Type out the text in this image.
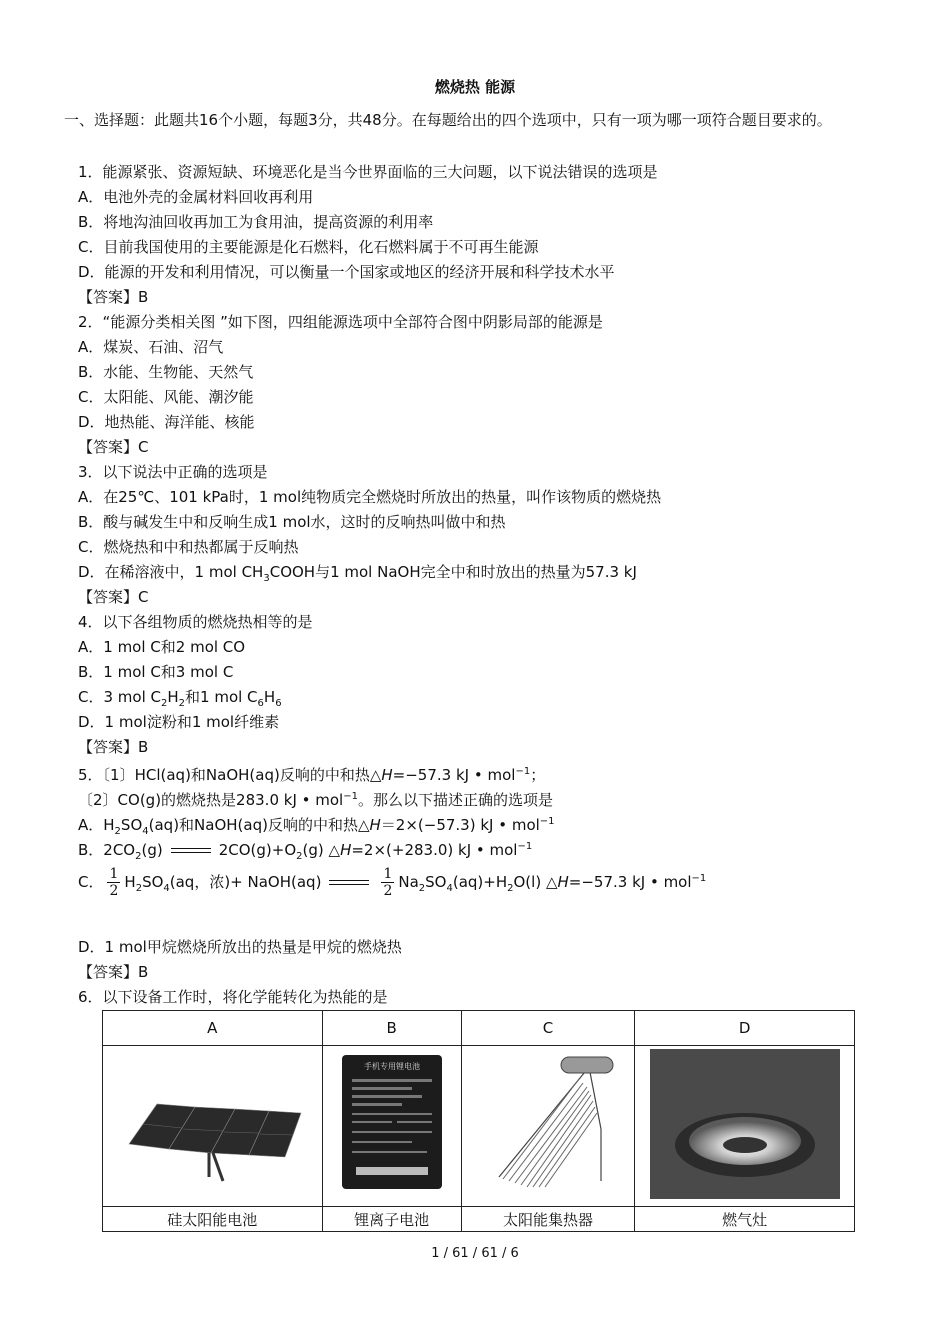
燃烧热 能源
一、选择题：此题共16个小题，每题3分，共48分。在每题给出的四个选项中，只有一项为哪一项符合题目要求的。
1．能源紧张、资源短缺、环境恶化是当今世界面临的三大问题，以下说法错误的选项是
A．电池外壳的金属材料回收再利用
B．将地沟油回收再加工为食用油，提高资源的利用率
C．目前我国使用的主要能源是化石燃料，化石燃料属于不可再生能源
D．能源的开发和利用情况，可以衡量一个国家或地区的经济开展和科学技术水平
【答案】B
2．“能源分类相关图 ”如下图，四组能源选项中全部符合图中阴影局部的能源是
A．煤炭、石油、沼气
B．水能、生物能、天然气
C．太阳能、风能、潮汐能
D．地热能、海洋能、核能
【答案】C
3．以下说法中正确的选项是
A．在25℃、101 kPa时，1 mol纯物质完全燃烧时所放出的热量，叫作该物质的燃烧热
B．酸与碱发生中和反响生成1 mol水，这时的反响热叫做中和热
C．燃烧热和中和热都属于反响热
D．在稀溶液中，1 mol $CH_3COOH$与1 mol NaOH完全中和时放出的热量为57.3 kJ
【答案】C
4．以下各组物质的燃烧热相等的是
A．1 mol C和2 mol CO
B．1 mol C和3 mol C
C．3 mol $C_2H_2$和1 mol $C_6H_6$
D．1 mol淀粉和1 mol纤维素
【答案】B
5．〔1〕HCl(aq)和NaOH(aq)反响的中和热△H=−57.3 kJ • mol$^{-1}$；
〔2〕CO(g)的燃烧热是283.0 kJ • mol$^{-1}$。那么以下描述正确的选项是
A．$H_2SO_4(aq)$和NaOH(aq)反响的中和热△H＝2×(−57.3) kJ • mol$^{-1}$
B．$2CO_2(g)$	$2CO(g)+O_2(g)$ △H=2×(+283.0) kJ • mol$^{-1}$
C． $\frac{1}{2} H_2SO_4(aq$，浓)+ NaOH(aq)	$\frac{1}{2} Na_2SO_4(aq)+H_2O(l)$ △H=−57.3 kJ • mol$^{-1}$
D．1 mol甲烷燃烧所放出的热量是甲烷的燃烧热
【答案】B
6．以下设备工作时，将化学能转化为热能的是
A	B	C	D

手机专用锂电池

硅太阳能电池	锂离子电池	太阳能集热器	燃气灶
1 / 61 / 61 / 6
